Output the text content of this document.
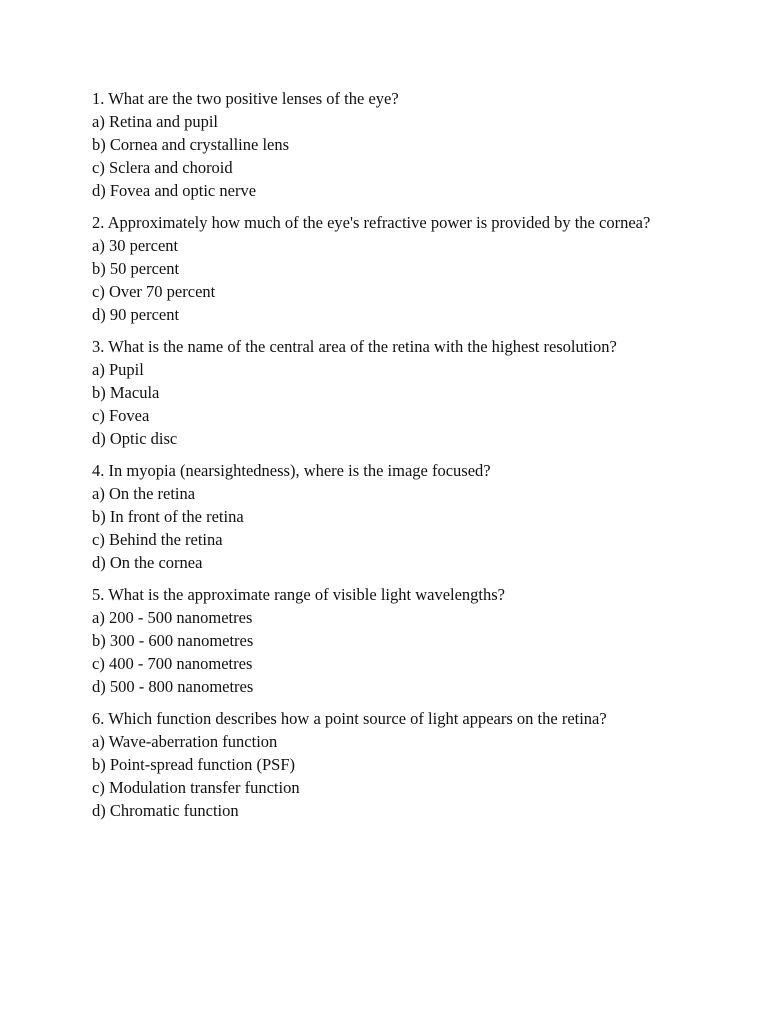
1. What are the two positive lenses of the eye?
a) Retina and pupil
b) Cornea and crystalline lens
c) Sclera and choroid
d) Fovea and optic nerve
2. Approximately how much of the eye's refractive power is provided by the cornea?
a) 30 percent
b) 50 percent
c) Over 70 percent
d) 90 percent
3. What is the name of the central area of the retina with the highest resolution?
a) Pupil
b) Macula
c) Fovea
d) Optic disc
4. In myopia (nearsightedness), where is the image focused?
a) On the retina
b) In front of the retina
c) Behind the retina
d) On the cornea
5. What is the approximate range of visible light wavelengths?
a) 200 - 500 nanometres
b) 300 - 600 nanometres
c) 400 - 700 nanometres
d) 500 - 800 nanometres
6. Which function describes how a point source of light appears on the retina?
a) Wave-aberration function
b) Point-spread function (PSF)
c) Modulation transfer function
d) Chromatic function
